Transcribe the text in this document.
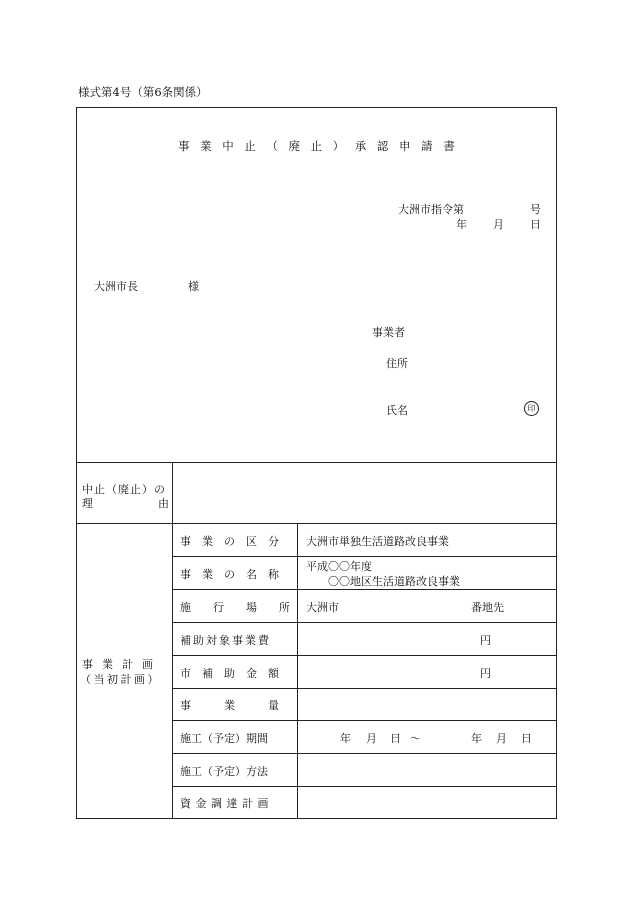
様式第4号（第6条関係）
事業中止（廃止）承認申請書
大洲市指令第	号
年 月 日
大洲市長	様
事業者
住所
氏名	印
中止（廃止）の
理	由
事業計画
（当初計画）
事　業　の　区　分 大洲市単独生活道路改良事業
事　業　の　名　称
平成〇〇年度
〇〇地区生活道路改良事業
施　　行　　場　　所 大洲市	番地先
補助対象事業費	円
市　補　助　金　額	円
事　　　業　　　量
施工（予定）期間	年 月 日 ～	年 月 日
施工（予定）方法
資金調達計画
